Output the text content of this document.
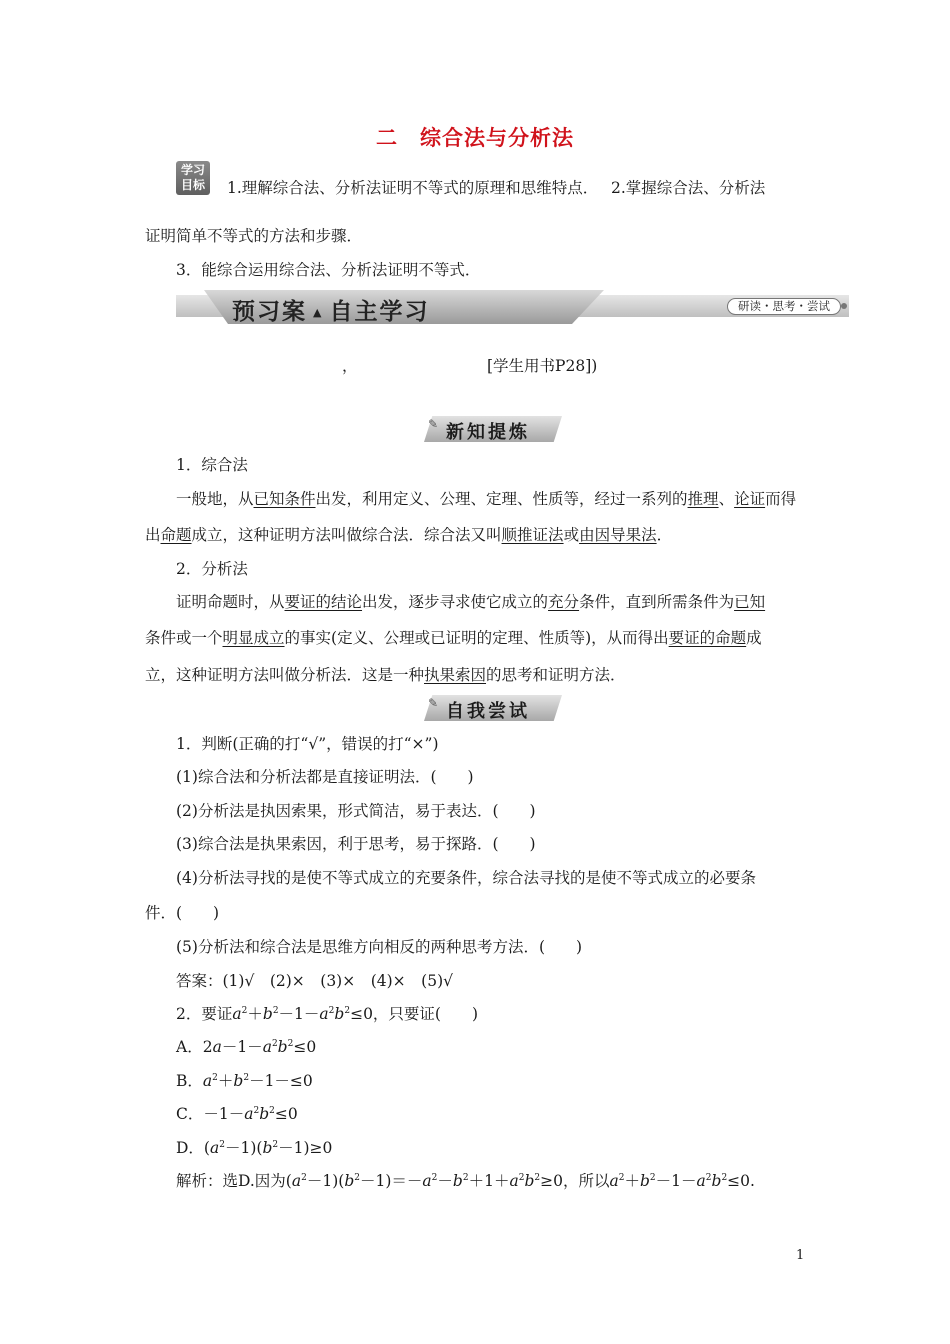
二　综合法与分析法
学习
目标	1.理解综合法、分析法证明不等式的原理和思维特点．　 2.掌握综合法、分析法
证明简单不等式的方法和步骤．
3．能综合运用综合法、分析法证明不等式．
预习案 ▲ 自主学习	研读・思考・尝试
，	[学生用书P28])
✎ 新知提炼
1．综合法
一般地，从已知条件出发，利用定义、公理、定理、性质等，经过一系列的推理、论证而得
出命题成立，这种证明方法叫做综合法．综合法又叫顺推证法或由因导果法．
2．分析法
证明命题时，从要证的结论出发，逐步寻求使它成立的充分条件，直到所需条件为已知
条件或一个明显成立的事实(定义、公理或已证明的定理、性质等)，从而得出要证的命题成
立，这种证明方法叫做分析法．这是一种执果索因的思考和证明方法．
✎ 自我尝试
1．判断(正确的打“√”，错误的打“×”)
(1)综合法和分析法都是直接证明法．(　　)
(2)分析法是执因索果，形式简洁，易于表达．(　　)
(3)综合法是执果索因，利于思考，易于探路．(　　)
(4)分析法寻找的是使不等式成立的充要条件，综合法寻找的是使不等式成立的必要条
件．(　　)
(5)分析法和综合法是思维方向相反的两种思考方法．(　　)
答案：(1)√　(2)×　(3)×　(4)×　(5)√
2．要证$a^2+b^2-1-a^2b^2\le 0$，只要证(　　)
A．$2a-1-a^2b^2\le 0$
B．$a^2+b^2-1-\le 0$
C．$-1-a^2b^2\le 0$
D．$(a^2-1)(b^2-1)\ge 0$
解析：选D.因为$(a^2-1)(b^2-1)=-a^2-b^2+1+a^2b^2\ge 0$，所以$a^2+b^2-1-a^2b^2\le 0$.
1
